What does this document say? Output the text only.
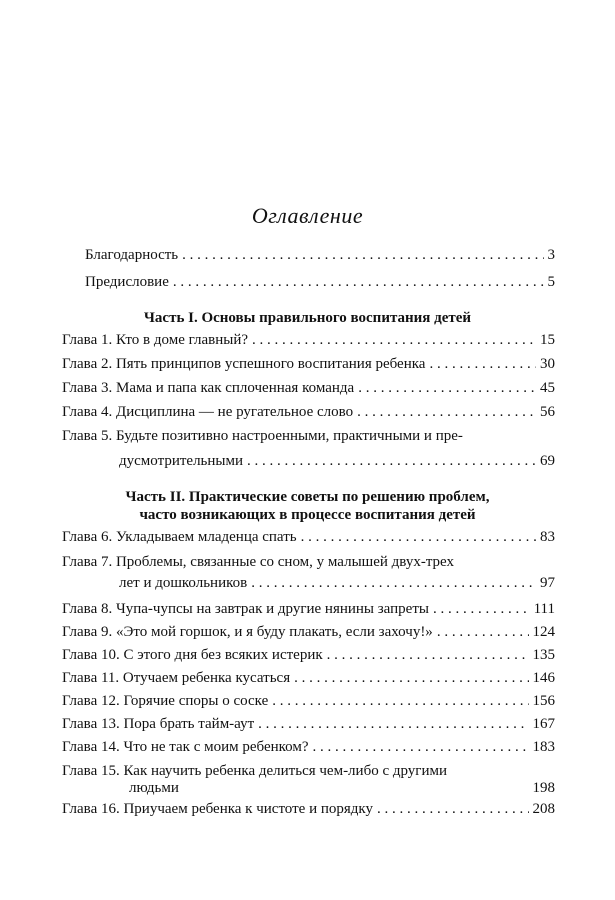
Оглавление
Благодарность . . .	3
Предисловие . . .	5
Часть I. Основы правильного воспитания детей
Глава 1. Кто в доме главный? . . .	15
Глава 2. Пять принципов успешного воспитания ребенка . . .	30
Глава 3. Мама и папа как сплоченная команда . . .	45
Глава 4. Дисциплина — не ругательное слово . . .	56
Глава 5. Будьте позитивно настроенными, практичными и пре-
дусмотрительными . . .	69
Часть II. Практические советы по решению проблем,
часто возникающих в процессе воспитания детей
Глава 6. Укладываем младенца спать . . .	83
Глава 7. Проблемы, связанные со сном, у малышей двух-трех
лет и дошкольников . . .	97
Глава 8. Чупа-чупсы на завтрак и другие нянины запреты . . .	111
Глава 9. «Это мой горшок, и я буду плакать, если захочу!» . . .	124
Глава 10. С этого дня без всяких истерик . . .	135
Глава 11. Отучаем ребенка кусаться . . .	146
Глава 12. Горячие споры о соске . . .	156
Глава 13. Пора брать тайм-аут . . .	167
Глава 14. Что не так с моим ребенком? . . .	183
Глава 15. Как научить ребенка делиться чем-либо с другими
людьми	198
Глава 16. Приучаем ребенка к чистоте и порядку . . .	208
